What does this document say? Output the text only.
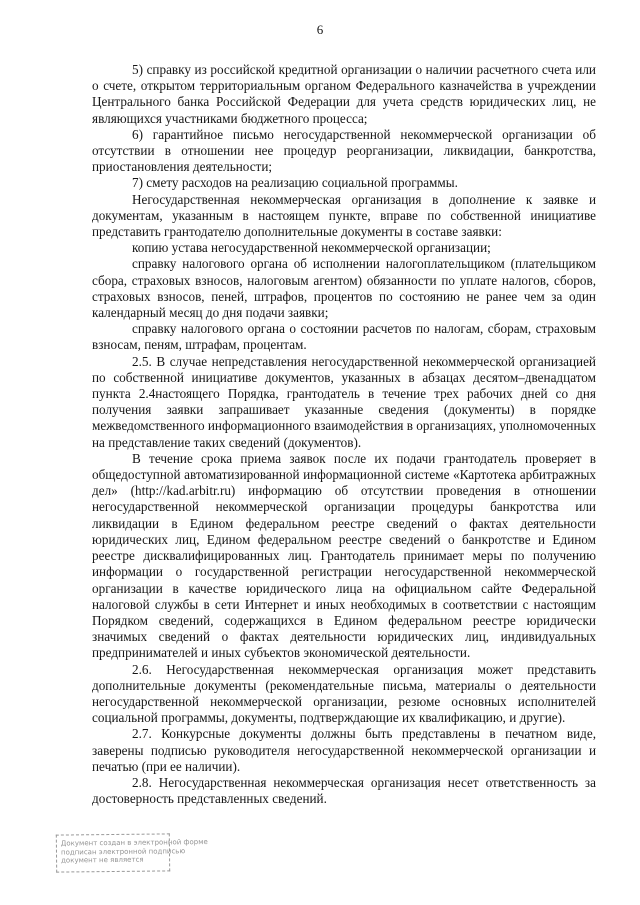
6

5) справку из российской кредитной организации о наличии расчетного счета или о счете, открытом территориальным органом Федерального казначейства в учреждении Центрального банка Российской Федерации для учета средств юридических лиц, не являющихся участниками бюджетного процесса;

6) гарантийное письмо негосударственной некоммерческой организации об отсутствии в отношении нее процедур реорганизации, ликвидации, банкротства, приостановления деятельности;

7) смету расходов на реализацию социальной программы.

Негосударственная некоммерческая организация в дополнение к заявке и документам, указанным в настоящем пункте, вправе по собственной инициативе представить грантодателю дополнительные документы в составе заявки:

копию устава негосударственной некоммерческой организации;

справку налогового органа об исполнении налогоплательщиком (плательщиком сбора, страховых взносов, налоговым агентом) обязанности по уплате налогов, сборов, страховых взносов, пеней, штрафов, процентов по состоянию не ранее чем за один календарный месяц до дня подачи заявки;

справку налогового органа о состоянии расчетов по налогам, сборам, страховым взносам, пеням, штрафам, процентам.

2.5. В случае непредставления негосударственной некоммерческой организацией по собственной инициативе документов, указанных в абзацах десятом–двенадцатом пункта 2.4настоящего Порядка, грантодатель в течение трех рабочих дней со дня получения заявки запрашивает указанные сведения (документы) в порядке межведомственного информационного взаимодействия в организациях, уполномоченных на представление таких сведений (документов).

В течение срока приема заявок после их подачи грантодатель проверяет в общедоступной автоматизированной информационной системе «Картотека арбитражных дел» (http://kad.arbitr.ru) информацию об отсутствии проведения в отношении негосударственной некоммерческой организации процедуры банкротства или ликвидации в Едином федеральном реестре сведений о фактах деятельности юридических лиц, Едином федеральном реестре сведений о банкротстве и Едином реестре дисквалифицированных лиц. Грантодатель принимает меры по получению информации о государственной регистрации негосударственной некоммерческой организации в качестве юридического лица на официальном сайте Федеральной налоговой службы в сети Интернет и иных необходимых в соответствии с настоящим Порядком сведений, содержащихся в Едином федеральном реестре юридически значимых сведений о фактах деятельности юридических лиц, индивидуальных предпринимателей и иных субъектов экономической деятельности.

2.6. Негосударственная некоммерческая организация может представить дополнительные документы (рекомендательные письма, материалы о деятельности негосударственной некоммерческой организации, резюме основных исполнителей социальной программы, документы, подтверждающие их квалификацию, и другие).

2.7. Конкурсные документы должны быть представлены в печатном виде, заверены подписью руководителя негосударственной некоммерческой организации и печатью (при ее наличии).

2.8. Негосударственная некоммерческая организация несет ответственность за достоверность представленных сведений.

Документ создан в электронной форме
подписан электронной подписью
документ не является
